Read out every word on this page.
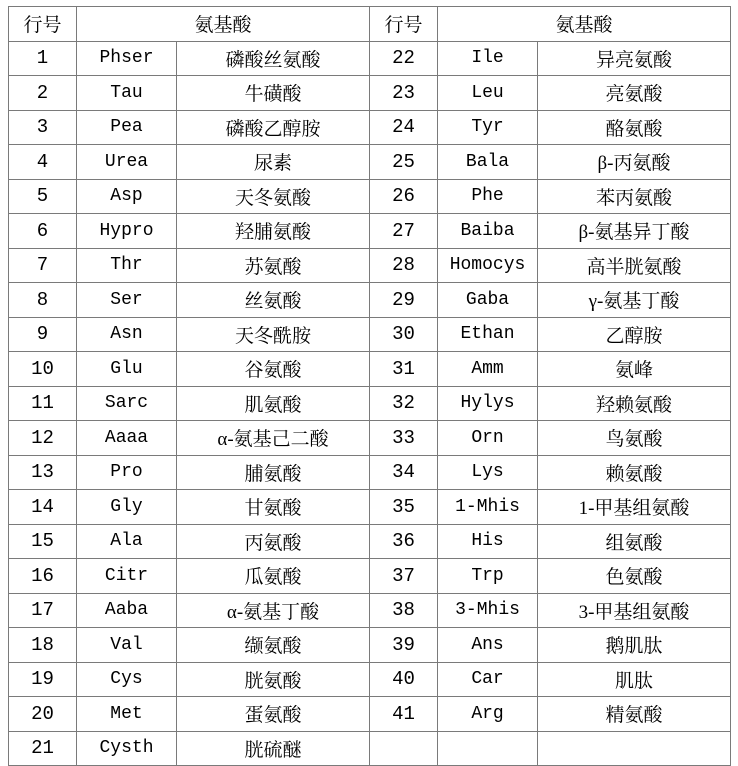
行号	氨基酸		行号	氨基酸	
1	Phser	磷酸丝氨酸	22	Ile	异亮氨酸
2	Tau	牛磺酸	23	Leu	亮氨酸
3	Pea	磷酸乙醇胺	24	Tyr	酪氨酸
4	Urea	尿素	25	Bala	β-丙氨酸
5	Asp	天冬氨酸	26	Phe	苯丙氨酸
6	Hypro	羟脯氨酸	27	Baiba	β-氨基异丁酸
7	Thr	苏氨酸	28	Homocys	高半胱氨酸
8	Ser	丝氨酸	29	Gaba	γ-氨基丁酸
9	Asn	天冬酰胺	30	Ethan	乙醇胺
10	Glu	谷氨酸	31	Amm	氨峰
11	Sarc	肌氨酸	32	Hylys	羟赖氨酸
12	Aaaa	α-氨基己二酸	33	Orn	鸟氨酸
13	Pro	脯氨酸	34	Lys	赖氨酸
14	Gly	甘氨酸	35	1-Mhis	1-甲基组氨酸
15	Ala	丙氨酸	36	His	组氨酸
16	Citr	瓜氨酸	37	Trp	色氨酸
17	Aaba	α-氨基丁酸	38	3-Mhis	3-甲基组氨酸
18	Val	缬氨酸	39	Ans	鹅肌肽
19	Cys	胱氨酸	40	Car	肌肽
20	Met	蛋氨酸	41	Arg	精氨酸
21	Cysth	胱硫醚			
